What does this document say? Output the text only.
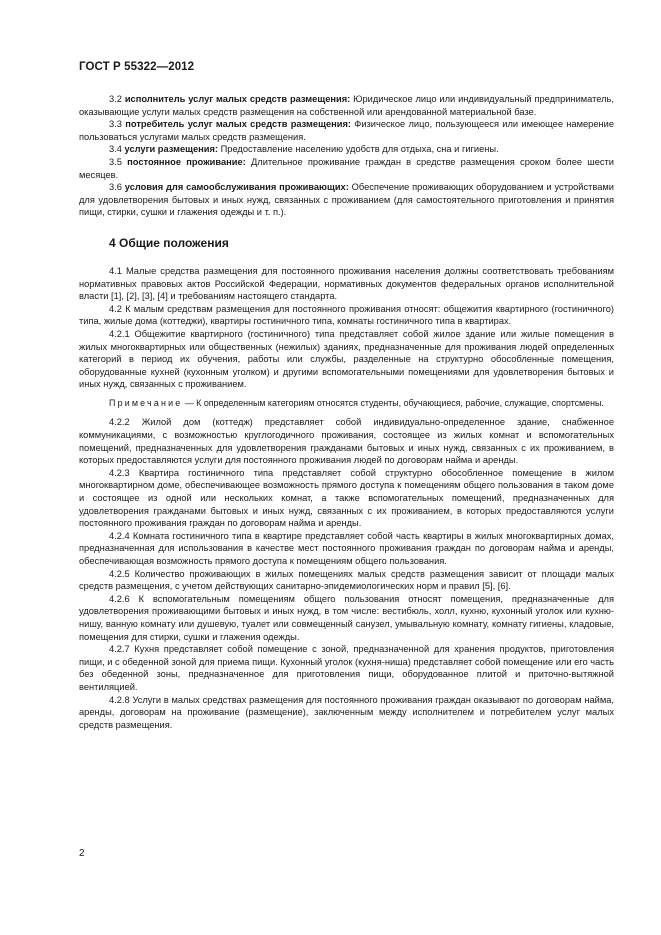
ГОСТ Р 55322—2012

3.2 исполнитель услуг малых средств размещения: Юридическое лицо или индивидуальный предприниматель, оказывающие услуги малых средств размещения на собственной или арендованной материальной базе.

3.3 потребитель услуг малых средств размещения: Физическое лицо, пользующееся или имеющее намерение пользоваться услугами малых средств размещения.

3.4 услуги размещения: Предоставление населению удобств для отдыха, сна и гигиены.

3.5 постоянное проживание: Длительное проживание граждан в средстве размещения сроком более шести месяцев.

3.6 условия для самообслуживания проживающих: Обеспечение проживающих оборудованием и устройствами для удовлетворения бытовых и иных нужд, связанных с проживанием (для самостоятельного приготовления и принятия пищи, стирки, сушки и глажения одежды и т. п.).

4 Общие положения

4.1 Малые средства размещения для постоянного проживания населения должны соответствовать требованиям нормативных правовых актов Российской Федерации, нормативных документов федеральных органов исполнительной власти [1], [2], [3], [4] и требованиям настоящего стандарта.

4.2 К малым средствам размещения для постоянного проживания относят: общежития квартирного (гостиничного) типа, жилые дома (коттеджи), квартиры гостиничного типа, комнаты гостиничного типа в квартирах.

4.2.1 Общежитие квартирного (гостиничного) типа представляет собой жилое здание или жилые помещения в жилых многоквартирных или общественных (нежилых) зданиях, предназначенные для проживания людей определенных категорий в период их обучения, работы или службы, разделенные на структурно обособленные помещения, оборудованные кухней (кухонным уголком) и другими вспомогательными помещениями для удовлетворения бытовых и иных нужд, связанных с проживанием.

Примечание — К определенным категориям относятся студенты, обучающиеся, рабочие, служащие, спортсмены.

4.2.2 Жилой дом (коттедж) представляет собой индивидуально-определенное здание, снабженное коммуникациями, с возможностью круглогодичного проживания, состоящее из жилых комнат и вспомогательных помещений, предназначенных для удовлетворения гражданами бытовых и иных нужд, связанных с их проживанием, в которых предоставляются услуги для постоянного проживания людей по договорам найма и аренды.

4.2.3 Квартира гостиничного типа представляет собой структурно обособленное помещение в жилом многоквартирном доме, обеспечивающее возможность прямого доступа к помещениям общего пользования в таком доме и состоящее из одной или нескольких комнат, а также вспомогательных помещений, предназначенных для удовлетворения гражданами бытовых и иных нужд, связанных с их проживанием, в которых предоставляются услуги постоянного проживания граждан по договорам найма и аренды.

4.2.4 Комната гостиничного типа в квартире представляет собой часть квартиры в жилых многоквартирных домах, предназначенная для использования в качестве мест постоянного проживания граждан по договорам найма и аренды, обеспечивающая возможность прямого доступа к помещениям общего пользования.

4.2.5 Количество проживающих в жилых помещениях малых средств размещения зависит от площади малых средств размещения, с учетом действующих санитарно-эпидемиологических норм и правил [5], [6].

4.2.6 К вспомогательным помещениям общего пользования относят помещения, предназначенные для удовлетворения проживающими бытовых и иных нужд, в том числе: вестибюль, холл, кухню, кухонный уголок или кухню-нишу, ванную комнату или душевую, туалет или совмещенный санузел, умывальную комнату, комнату гигиены, кладовые, помещения для стирки, сушки и глажения одежды.

4.2.7 Кухня представляет собой помещение с зоной, предназначенной для хранения продуктов, приготовления пищи, и с обеденной зоной для приема пищи. Кухонный уголок (кухня-ниша) представляет собой помещение или его часть без обеденной зоны, предназначенное для приготовления пищи, оборудованное плитой и приточно-вытяжной вентиляцией.

4.2.8 Услуги в малых средствах размещения для постоянного проживания граждан оказывают по договорам найма, аренды, договорам на проживание (размещение), заключенным между исполнителем и потребителем услуг малых средств размещения.

2
